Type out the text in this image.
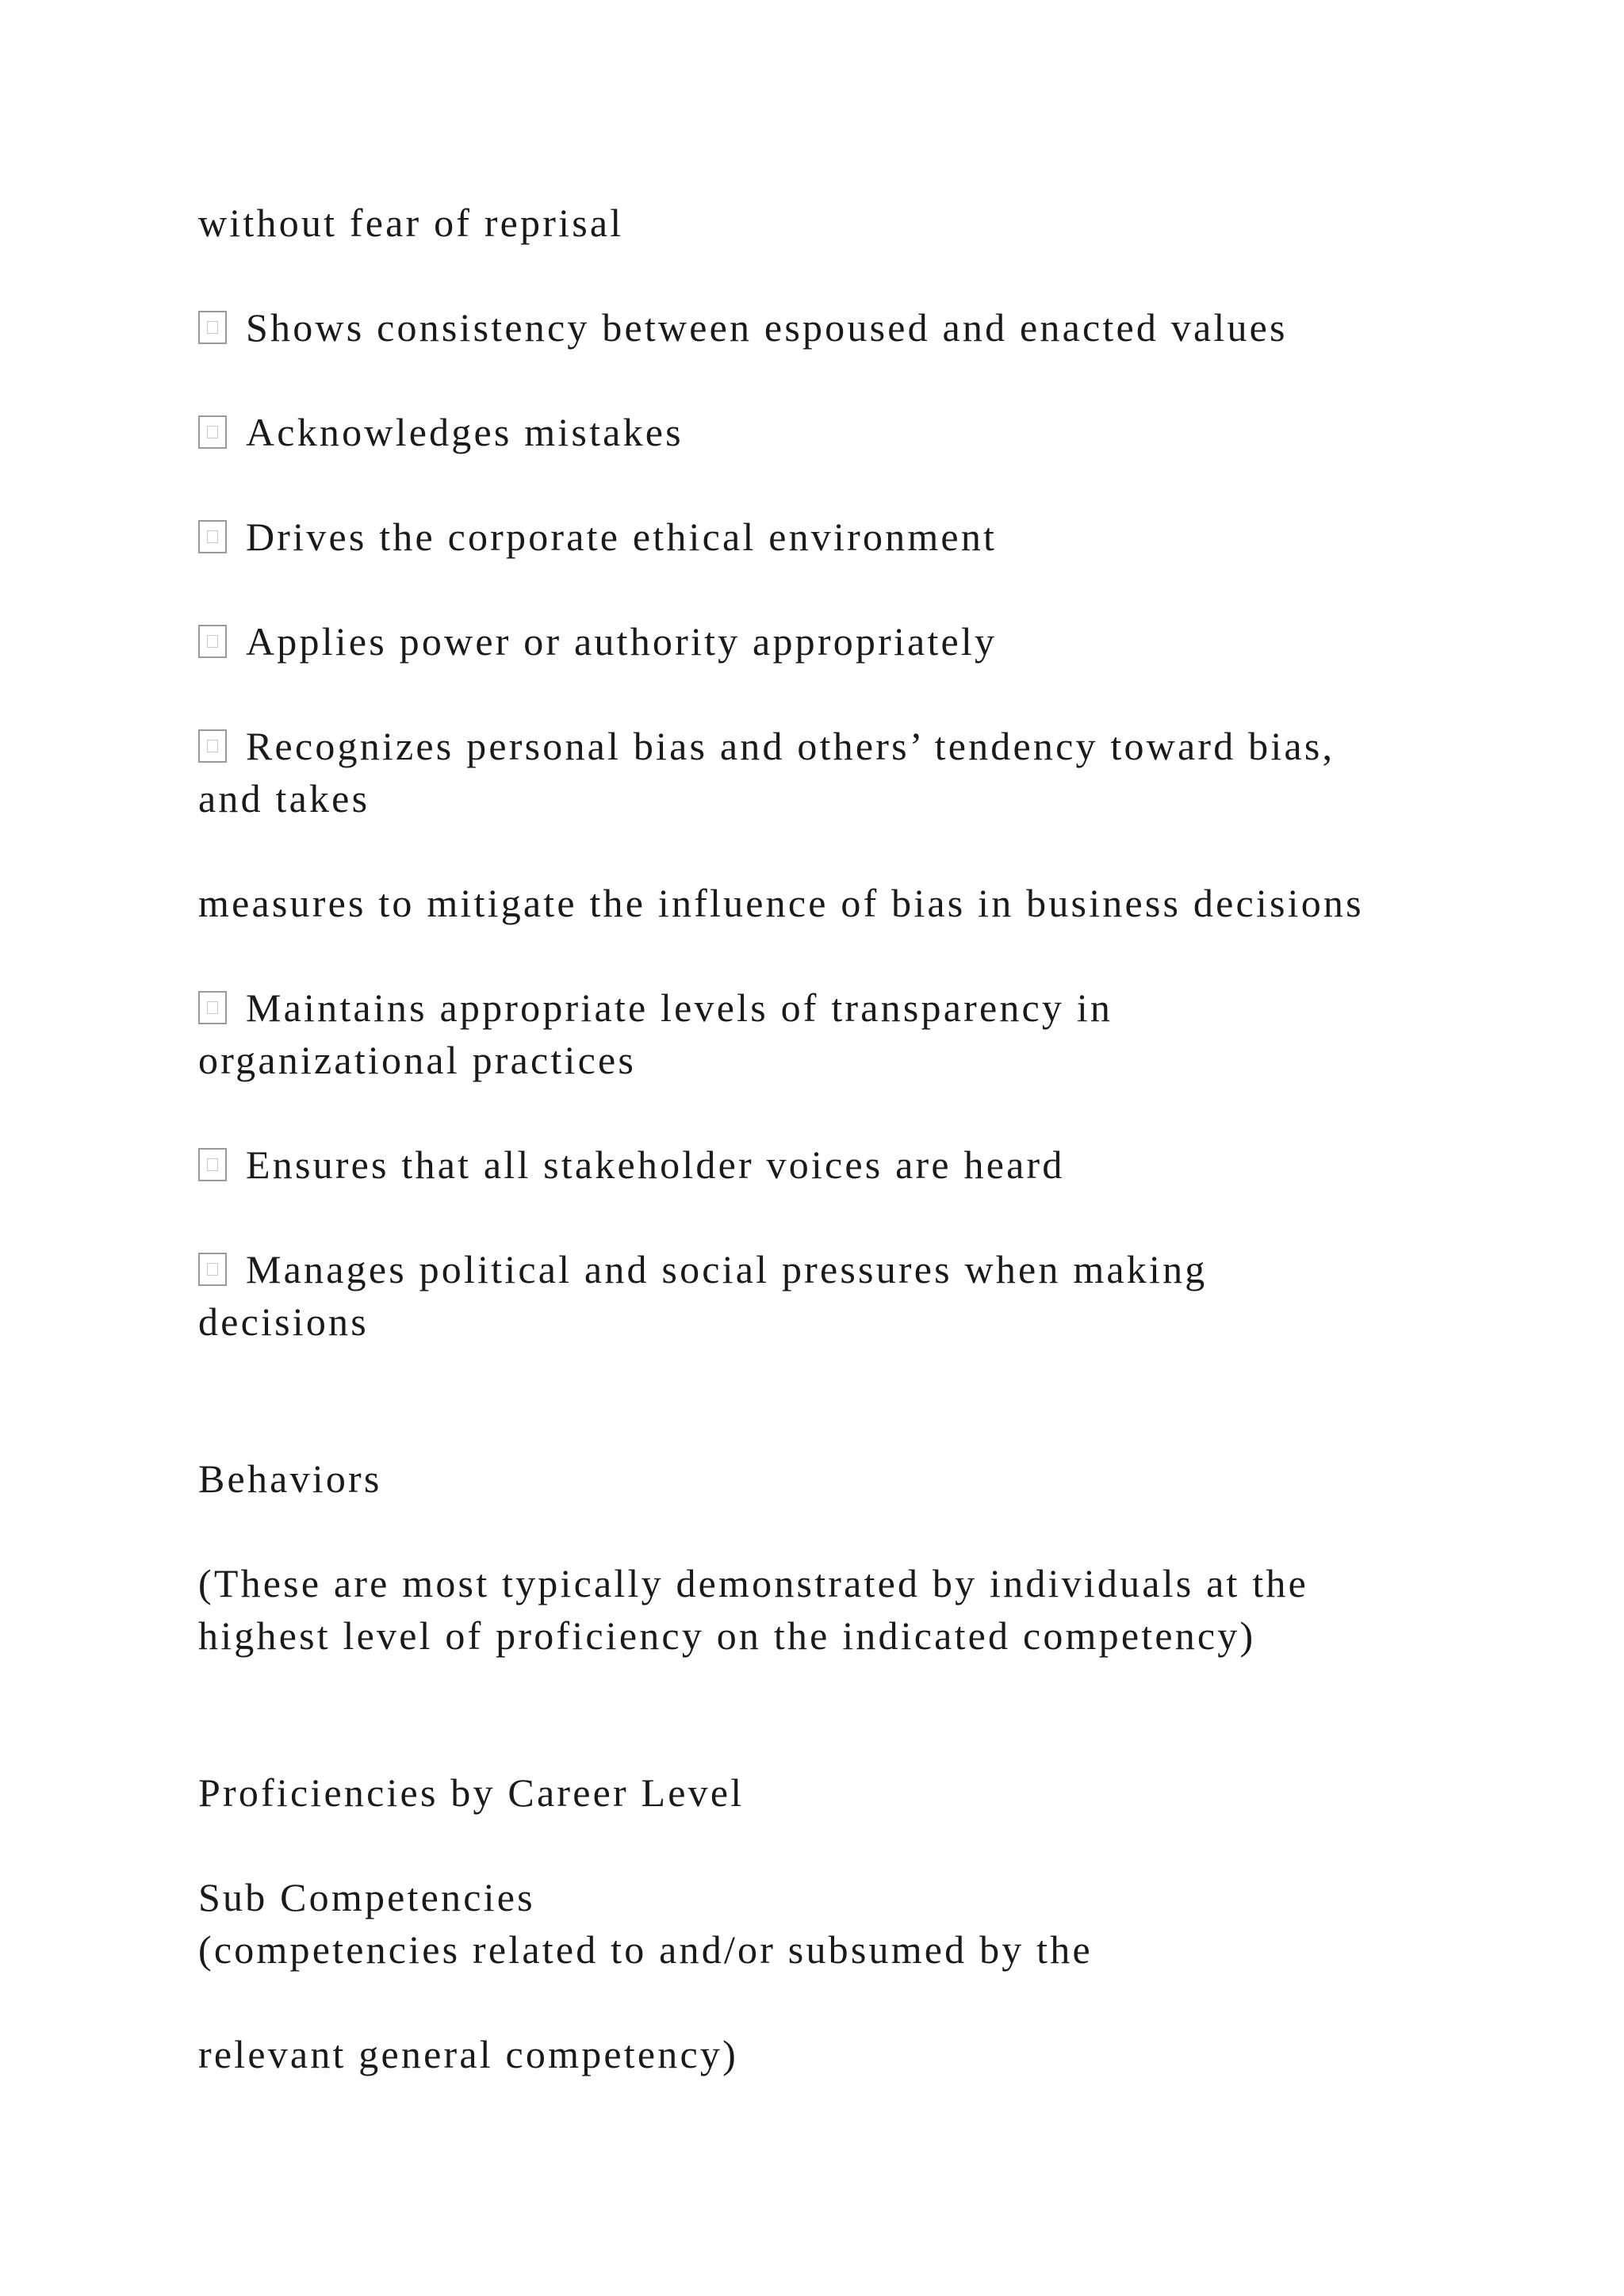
without fear of reprisal

Shows consistency between espoused and enacted values

Acknowledges mistakes

Drives the corporate ethical environment

Applies power or authority appropriately

Recognizes personal bias and others’ tendency toward bias,

and takes

measures to mitigate the influence of bias in business decisions

Maintains appropriate levels of transparency in

organizational practices

Ensures that all stakeholder voices are heard

Manages political and social pressures when making

decisions

Behaviors

(These are most typically demonstrated by individuals at the

highest level of proficiency on the indicated competency)

Proficiencies by Career Level

Sub Competencies

(competencies related to and/or subsumed by the

relevant general competency)
